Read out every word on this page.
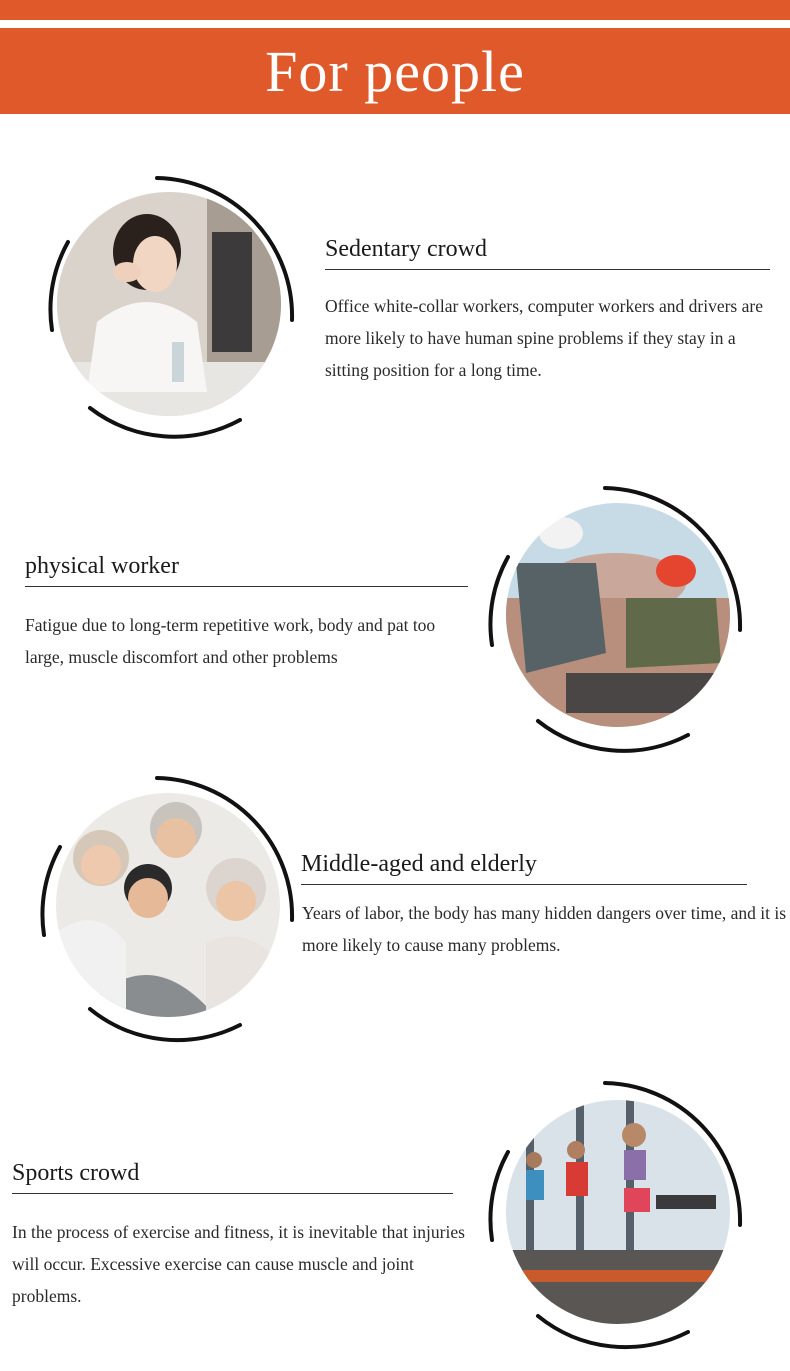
For people
Sedentary crowd
Office white-collar workers, computer workers and drivers are more likely to have human spine problems if they stay in a sitting position for a long time.
physical worker
Fatigue due to long-term repetitive work, body and pat too large, muscle discomfort and other problems
Middle-aged and elderly
Years of labor, the body has many hidden dangers over time, and it is more likely to cause many problems.
Sports crowd
In the process of exercise and fitness, it is inevitable that injuries will occur. Excessive exercise can cause muscle and joint problems.
